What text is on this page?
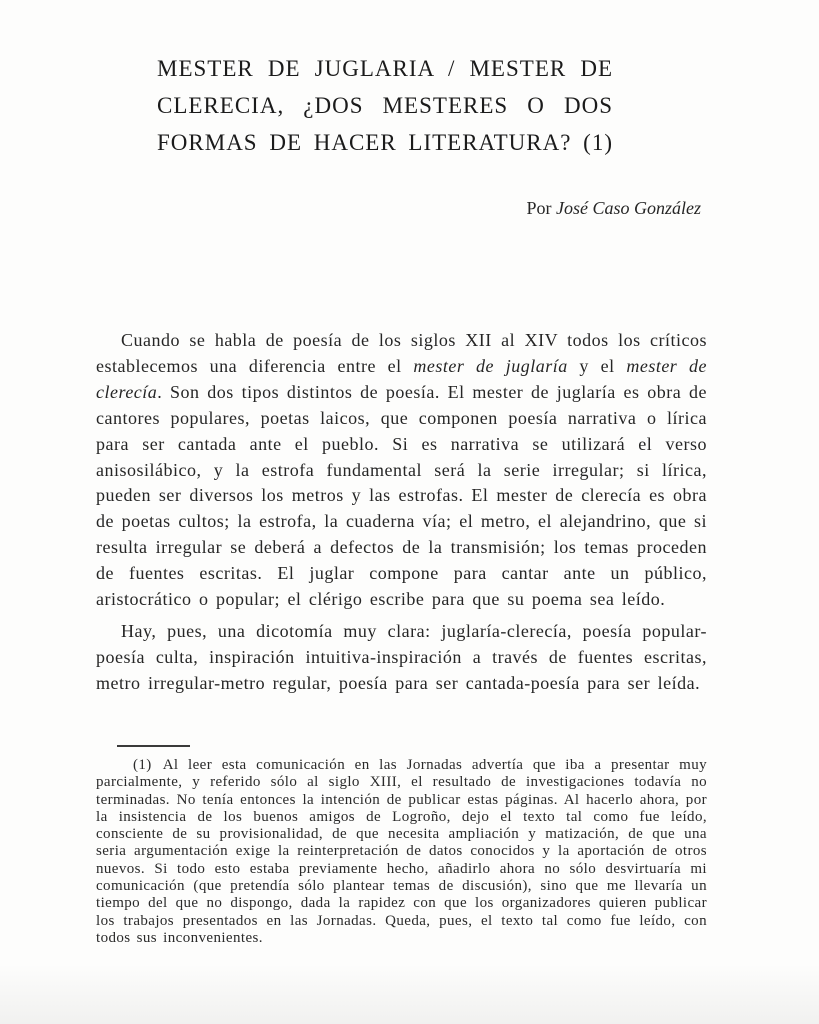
MESTER DE JUGLARIA / MESTER DE
CLERECIA, ¿DOS MESTERES O DOS
FORMAS DE HACER LITERATURA? (1)
Por José Caso González

Cuando se habla de poesía de los siglos XII al XIV todos los críticos establecemos una diferencia entre el mester de juglaría y el mester de clerecía. Son dos tipos distintos de poesía. El mester de juglaría es obra de cantores populares, poetas laicos, que componen poesía narrativa o lírica para ser cantada ante el pueblo. Si es narrativa se utilizará el verso anisosilábico, y la estrofa fundamental será la serie irregular; si lírica, pueden ser diversos los metros y las estrofas. El mester de clerecía es obra de poetas cultos; la estrofa, la cuaderna vía; el metro, el alejandrino, que si resulta irregular se deberá a defectos de la transmisión; los temas proceden de fuentes escritas. El juglar compone para cantar ante un público, aristocrático o popular; el clérigo escribe para que su poema sea leído.

Hay, pues, una dicotomía muy clara: juglaría-clerecía, poesía popular-poesía culta, inspiración intuitiva-inspiración a través de fuentes escritas, metro irregular-metro regular, poesía para ser cantada-poesía para ser leída.

(1) Al leer esta comunicación en las Jornadas advertía que iba a presentar muy parcialmente, y referido sólo al siglo XIII, el resultado de investigaciones todavía no terminadas. No tenía entonces la intención de publicar estas páginas. Al hacerlo ahora, por la insistencia de los buenos amigos de Logroño, dejo el texto tal como fue leído, consciente de su provisionalidad, de que necesita ampliación y matización, de que una seria argumentación exige la reinterpretación de datos conocidos y la aportación de otros nuevos. Si todo esto estaba previamente hecho, añadirlo ahora no sólo desvirtuaría mi comunicación (que pretendía sólo plantear temas de discusión), sino que me llevaría un tiempo del que no dispongo, dada la rapidez con que los organizadores quieren publicar los trabajos presentados en las Jornadas. Queda, pues, el texto tal como fue leído, con todos sus inconvenientes.
